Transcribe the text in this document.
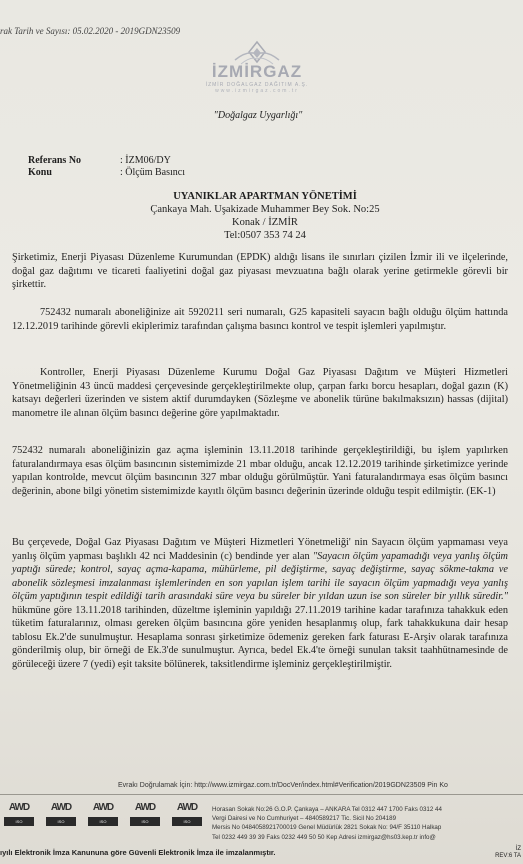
rak Tarih ve Sayısı: 05.02.2020 - 2019GDN23509
İZMİRGAZ
İZMİR DOĞALGAZ DAĞITIM A.Ş.
www.izmirgaz.com.tr
"Doğalgaz Uygarlığı"
Referans No	: İZM06/DY
Konu	: Ölçüm Basıncı
UYANIKLAR APARTMAN YÖNETİMİ
Çankaya Mah. Uşakizade Muhammer Bey Sok. No:25
Konak / İZMİR
Tel:0507 353 74 24
Şirketimiz, Enerji Piyasası Düzenleme Kurumundan (EPDK) aldığı lisans ile sınırları çizilen İzmir ili ve ilçelerinde, doğal gaz dağıtımı ve ticareti faaliyetini doğal gaz piyasası mevzuatına bağlı olarak yerine getirmekle görevli bir şirkettir.
752432 numaralı aboneliğinize ait 5920211 seri numaralı, G25 kapasiteli sayacın bağlı olduğu ölçüm hattında 12.12.2019 tarihinde görevli ekiplerimiz tarafından çalışma basıncı kontrol ve tespit işlemleri yapılmıştır.
Kontroller, Enerji Piyasası Düzenleme Kurumu Doğal Gaz Piyasası Dağıtım ve Müşteri Hizmetleri Yönetmeliğinin 43 üncü maddesi çerçevesinde gerçekleştirilmekte olup, çarpan farkı borcu hesapları, doğal gazın (K) katsayı değerleri üzerinden ve sistem aktif durumdayken (Sözleşme ve abonelik türüne bakılmaksızın) hassas (dijital) manometre ile alınan ölçüm basıncı değerine göre yapılmaktadır.
752432 numaralı aboneliğinizin gaz açma işleminin 13.11.2018 tarihinde gerçekleştirildiği, bu işlem yapılırken faturalandırmaya esas ölçüm basıncının sistemimizde 21 mbar olduğu, ancak 12.12.2019 tarihinde şirketimizce yerinde yapılan kontrolde, mevcut ölçüm basıncının 327 mbar olduğu görülmüştür. Yani faturalandırmaya esas ölçüm basıncı değerinin, abone bilgi yönetim sistemimizde kayıtlı ölçüm basıncı değerinin üzerinde olduğu tespit edilmiştir. (EK-1)
Bu çerçevede, Doğal Gaz Piyasası Dağıtım ve Müşteri Hizmetleri Yönetmeliği' nin Sayacın ölçüm yapmaması veya yanlış ölçüm yapması başlıklı 42 nci Maddesinin (c) bendinde yer alan "Sayacın ölçüm yapamadığı veya yanlış ölçüm yaptığı sürede; kontrol, sayaç açma-kapama, mühürleme, pil değiştirme, sayaç değiştirme, sayaç sökme-takma ve abonelik sözleşmesi imzalanması işlemlerinden en son yapılan işlem tarihi ile sayacın ölçüm yapmadığı veya yanlış ölçüm yaptığının tespit edildiği tarih arasındaki süre veya bu süreler bir yıldan uzun ise son süreler bir yıllık süredir." hükmüne göre 13.11.2018 tarihinden, düzeltme işleminin yapıldığı 27.11.2019 tarihine kadar tarafınıza tahakkuk eden tüketim faturalarınız, olması gereken ölçüm basıncına göre yeniden hesaplanmış olup, fark tahakkukuna dair hesap tablosu Ek.2'de sunulmuştur. Hesaplama sonrası şirketimize ödemeniz gereken fark faturası E-Arşiv olarak tarafınıza gönderilmiş olup, bir örneği de Ek.3'de sunulmuştur. Ayrıca, bedel Ek.4'te örneği sunulan taksit taahhütnamesinde de görüleceği üzere 7 (yedi) eşit taksite bölünerek, taksitlendirme işleminiz gerçekleştirilmiştir.
Evrakı Doğrulamak İçin: http://www.izmirgaz.com.tr/DocVer/index.html#Verification/2019GDN23509 Pin Ko
AWD
ISO
AWD
ISO
AWD
ISO
AWD
ISO
AWD
ISO
Horasan Sokak No:26 G.O.P. Çankaya – ANKARA Tel 0312 447 1700 Faks 0312 44
Vergi Dairesi ve No Cumhuriyet – 4840589217 Tic. Sicil No 204189
Mersis No 0484058921700019 Genel Müdürlük 2821 Sokak No: 94/F 35110 Halkap
Tel 0232 449 39 39 Faks 0232 449 50 50 Kep Adresi izmirgaz@hs03.kep.tr info@
ıyılı Elektronik İmza Kanununa göre Güvenli Elektronik İmza ile imzalanmıştır.	İZ
REV:6 TA
